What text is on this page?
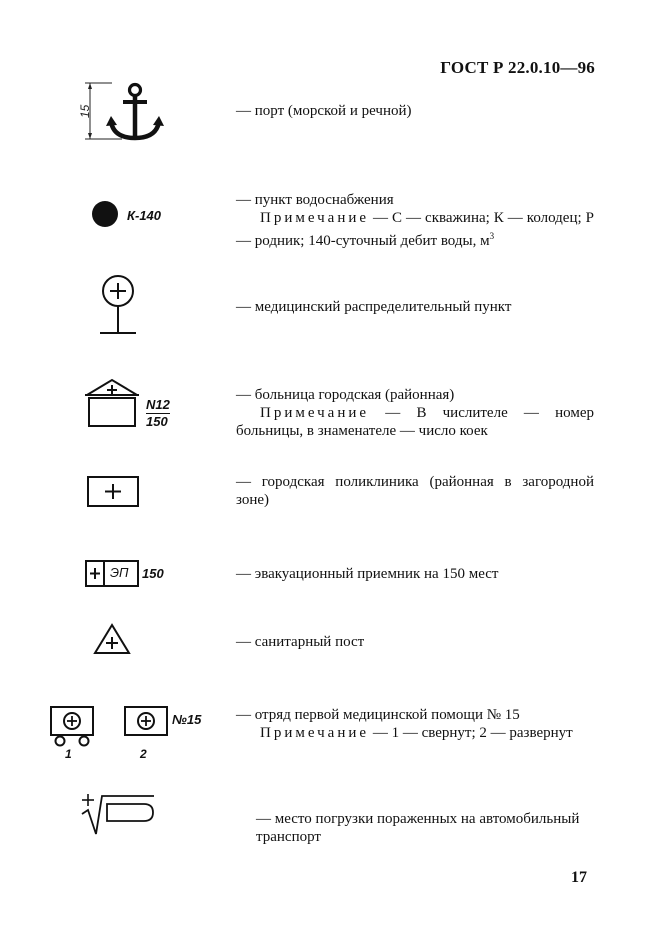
ГОСТ Р 22.0.10—96
15	— порт (морской и речной)

К-140

— пункт водоснабжения

Примечание — С — скважина; К — колодец; Р — родник; 140-суточный дебит воды, $м^3$

— медицинский распределительный пункт

N12
150

— больница городская (районная)

Примечание — В числителе — номер больницы, в знаменателе — число коек

— городская поликлиника (районная в загородной зоне)

ЭП 150	— эвакуационный приемник на 150 мест

— санитарный пост

1
№15
2

— отряд первой медицинской помощи № 15

Примечание — 1 — свернут; 2 — развернут

— место погрузки пораженных на автомобильный транспорт

17
